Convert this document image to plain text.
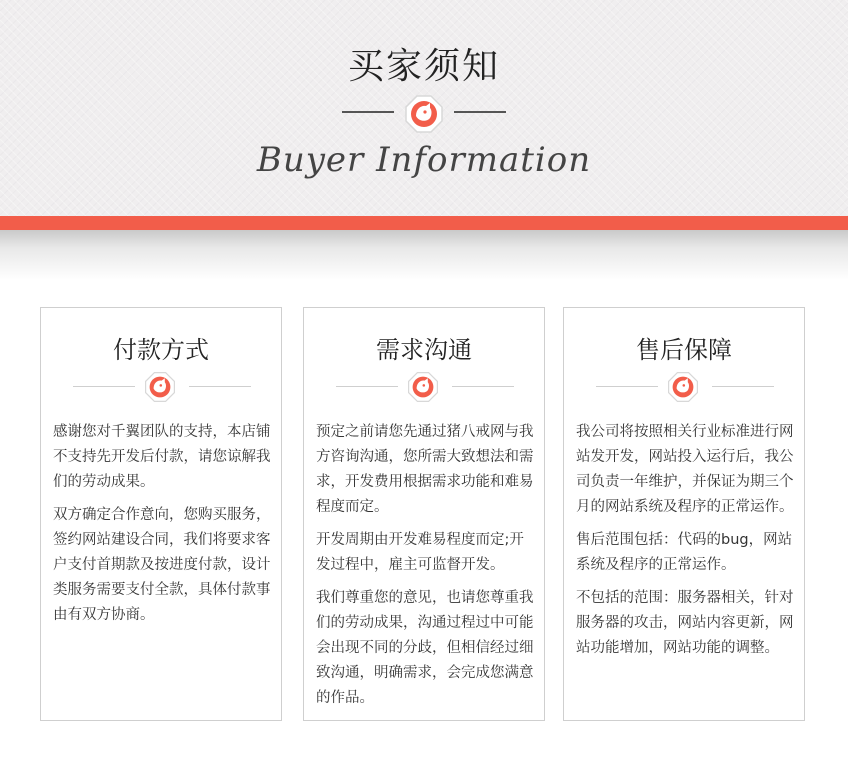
买家须知
Buyer Information
付款方式

感谢您对千翼团队的支持，本店铺不支持先开发后付款，请您谅解我们的劳动成果。

双方确定合作意向，您购买服务，签约网站建设合同，我们将要求客户支付首期款及按进度付款，设计类服务需要支付全款，具体付款事由有双方协商。

需求沟通

预定之前请您先通过猪八戒网与我方咨询沟通，您所需大致想法和需求，开发费用根据需求功能和难易程度而定。

开发周期由开发难易程度而定;开发过程中，雇主可监督开发。

我们尊重您的意见，也请您尊重我们的劳动成果，沟通过程过中可能会出现不同的分歧，但相信经过细致沟通，明确需求，会完成您满意的作品。

售后保障

我公司将按照相关行业标准进行网站发开发，网站投入运行后，我公司负责一年维护，并保证为期三个月的网站系统及程序的正常运作。

售后范围包括：代码的bug，网站系统及程序的正常运作。

不包括的范围：服务器相关，针对服务器的攻击，网站内容更新，网站功能增加，网站功能的调整。
